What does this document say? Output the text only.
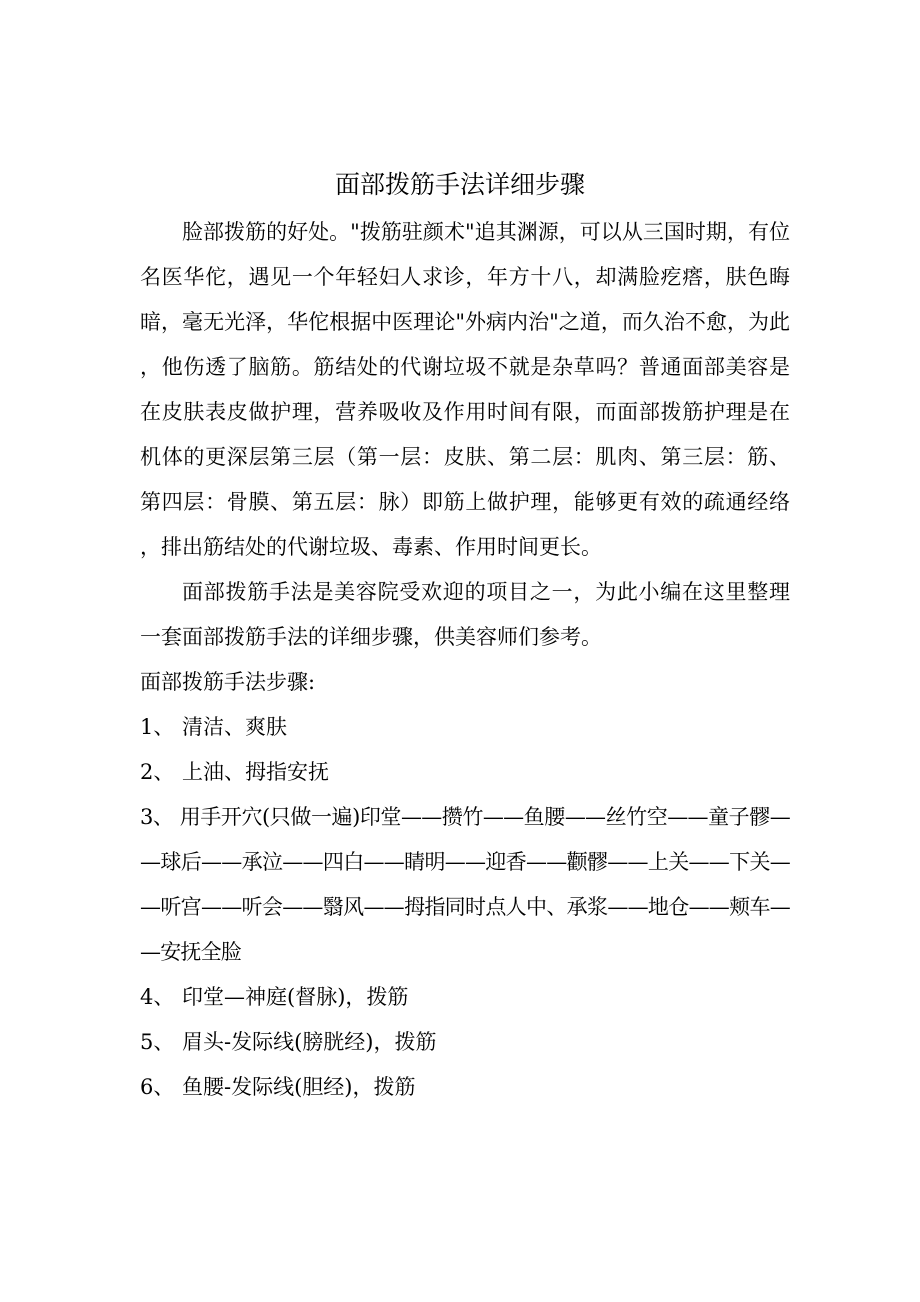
面部拨筋手法详细步骤

脸部拨筋的好处。"拨筋驻颜术"追其渊源，可以从三国时期，有位名医华佗，遇见一个年轻妇人求诊，年方十八，却满脸疙瘩，肤色晦暗，毫无光泽，华佗根据中医理论"外病内治"之道，而久治不愈，为此，他伤透了脑筋。筋结处的代谢垃圾不就是杂草吗？普通面部美容是在皮肤表皮做护理，营养吸收及作用时间有限，而面部拨筋护理是在机体的更深层第三层（第一层：皮肤、第二层：肌肉、第三层：筋、第四层：骨膜、第五层：脉）即筋上做护理，能够更有效的疏通经络，排出筋结处的代谢垃圾、毒素、作用时间更长。

面部拨筋手法是美容院受欢迎的项目之一，为此小编在这里整理一套面部拨筋手法的详细步骤，供美容师们参考。

面部拨筋手法步骤:

1、 清洁、爽肤

2、 上油、拇指安抚

3、 用手开穴(只做一遍)印堂——攒竹——鱼腰——丝竹空——童子髎——球后——承泣——四白——睛明——迎香——颧髎——上关——下关——听宫——听会——翳风——拇指同时点人中、承浆——地仓——颊车——安抚全脸

4、 印堂—神庭(督脉)，拨筋

5、 眉头-发际线(膀胱经)，拨筋

6、 鱼腰-发际线(胆经)，拨筋
